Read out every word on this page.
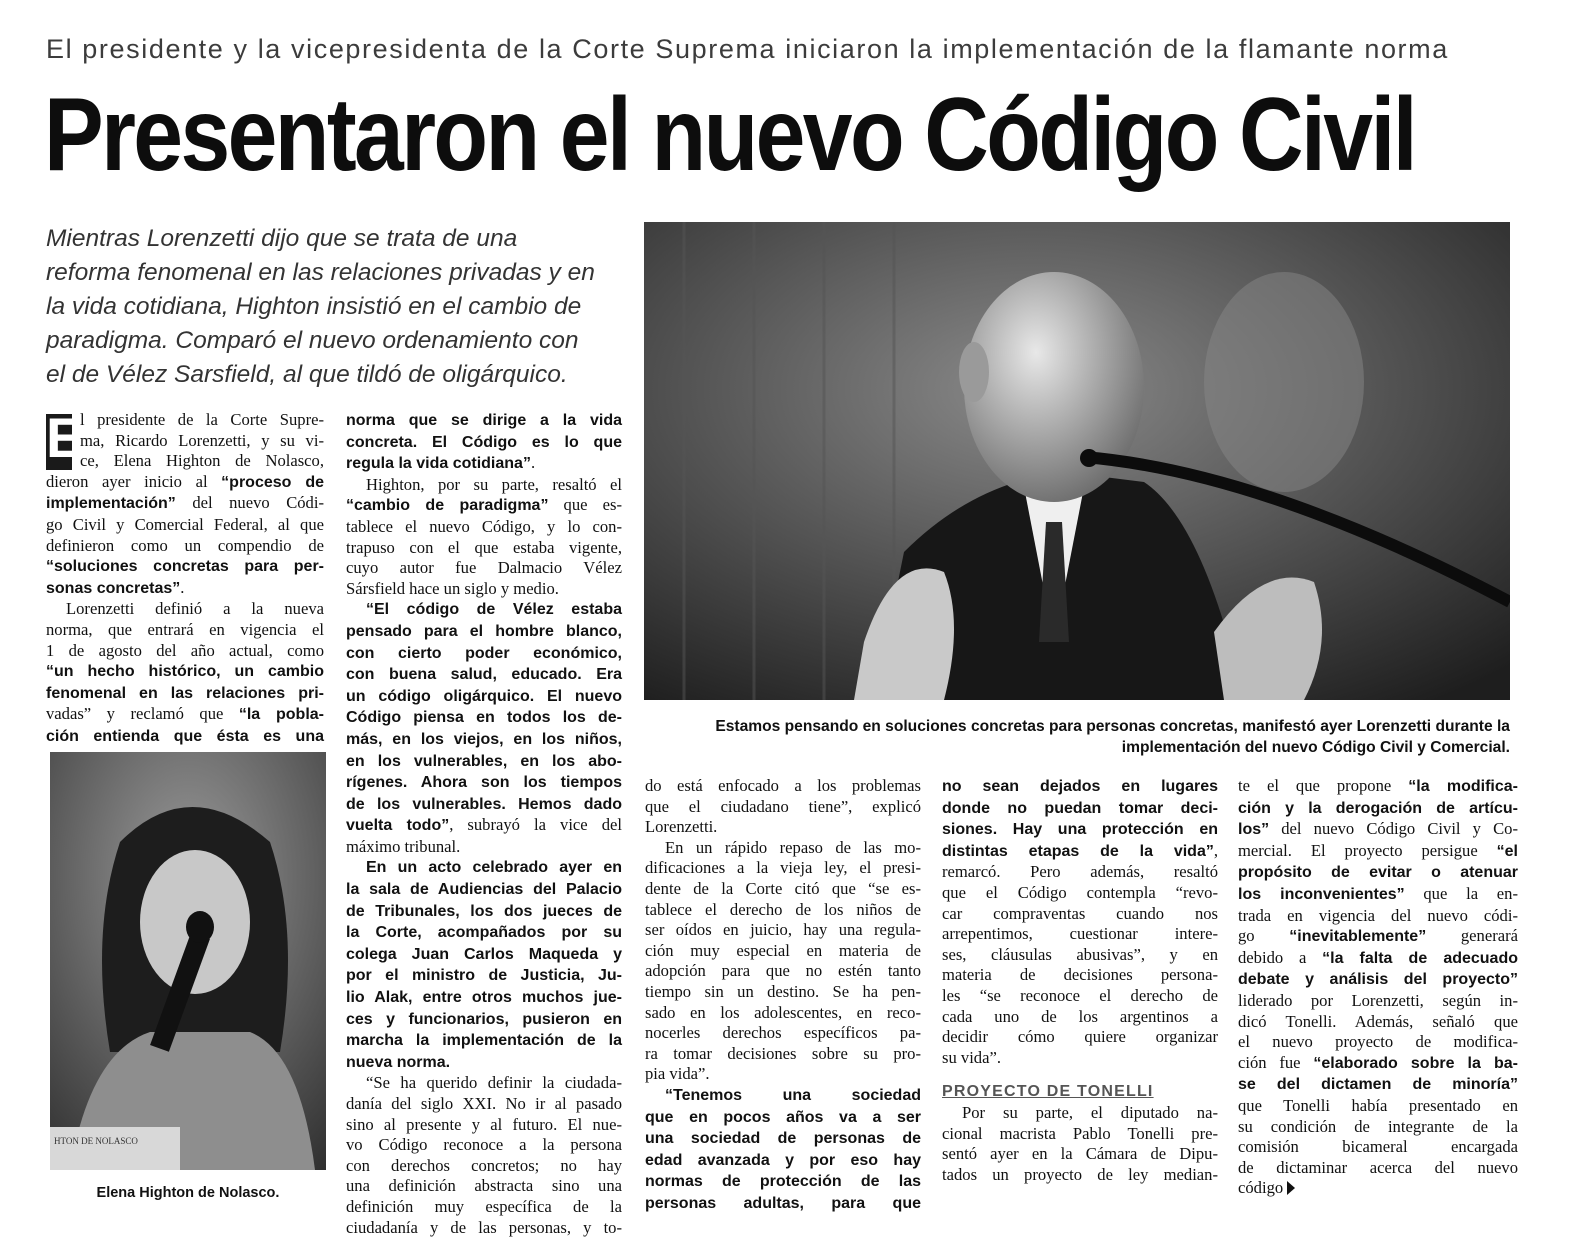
El presidente y la vicepresidenta de la Corte Suprema iniciaron la implementación de la flamante norma
Presentaron el nuevo Código Civil
Mientras Lorenzetti dijo que se trata de una
reforma fenomenal en las relaciones privadas y en
la vida cotidiana, Highton insistió en el cambio de
paradigma. Comparó el nuevo ordenamiento con
el de Vélez Sarsfield, al que tildó de oligárquico.
Estamos pensando en soluciones concretas para personas concretas, manifestó ayer Lorenzetti durante la
implementación del nuevo Código Civil y Comercial.
HTON DE NOLASCO
Elena Highton de Nolasco.
E
l presidente de la Corte Supre-
ma, Ricardo Lorenzetti, y su vi-
ce, Elena Highton de Nolasco,
dieron ayer inicio al “proceso de
implementación” del nuevo Códi-
go Civil y Comercial Federal, al que
definieron como un compendio de
“soluciones concretas para per-
sonas concretas”.
Lorenzetti definió a la nueva
norma, que entrará en vigencia el
1 de agosto del año actual, como
“un hecho histórico, un cambio
fenomenal en las relaciones pri-
vadas” y reclamó que “la pobla-
ción entienda que ésta es una
norma que se dirige a la vida
concreta. El Código es lo que
regula la vida cotidiana”.
Highton, por su parte, resaltó el
“cambio de paradigma” que es-
tablece el nuevo Código, y lo con-
trapuso con el que estaba vigente,
cuyo autor fue Dalmacio Vélez
Sársfield hace un siglo y medio.
“El código de Vélez estaba
pensado para el hombre blanco,
con cierto poder económico,
con buena salud, educado. Era
un código oligárquico. El nuevo
Código piensa en todos los de-
más, en los viejos, en los niños,
en los vulnerables, en los abo-
rígenes. Ahora son los tiempos
de los vulnerables. Hemos dado
vuelta todo”, subrayó la vice del
máximo tribunal.
En un acto celebrado ayer en
la sala de Audiencias del Palacio
de Tribunales, los dos jueces de
la Corte, acompañados por su
colega Juan Carlos Maqueda y
por el ministro de Justicia, Ju-
lio Alak, entre otros muchos jue-
ces y funcionarios, pusieron en
marcha la implementación de la
nueva norma.
“Se ha querido definir la ciudada-
danía del siglo XXI. No ir al pasado
sino al presente y al futuro. El nue-
vo Código reconoce a la persona
con derechos concretos; no hay
una definición abstracta sino una
definición muy específica de la
ciudadanía y de las personas, y to-
do está enfocado a los problemas
que el ciudadano tiene”, explicó
Lorenzetti.
En un rápido repaso de las mo-
dificaciones a la vieja ley, el presi-
dente de la Corte citó que “se es-
tablece el derecho de los niños de
ser oídos en juicio, hay una regula-
ción muy especial en materia de
adopción para que no estén tanto
tiempo sin un destino. Se ha pen-
sado en los adolescentes, en reco-
nocerles derechos específicos pa-
ra tomar decisiones sobre su pro-
pia vida”.
“Tenemos una sociedad
que en pocos años va a ser
una sociedad de personas de
edad avanzada y por eso hay
normas de protección de las
personas adultas, para que
no sean dejados en lugares
donde no puedan tomar deci-
siones. Hay una protección en
distintas etapas de la vida”,
remarcó. Pero además, resaltó
que el Código contempla “revo-
car compraventas cuando nos
arrepentimos, cuestionar intere-
ses, cláusulas abusivas”, y en
materia de decisiones persona-
les “se reconoce el derecho de
cada uno de los argentinos a
decidir cómo quiere organizar
su vida”.
PROYECTO DE TONELLI
Por su parte, el diputado na-
cional macrista Pablo Tonelli pre-
sentó ayer en la Cámara de Dipu-
tados un proyecto de ley median-
te el que propone “la modifica-
ción y la derogación de artícu-
los” del nuevo Código Civil y Co-
mercial. El proyecto persigue “el
propósito de evitar o atenuar
los inconvenientes” que la en-
trada en vigencia del nuevo códi-
go “inevitablemente” generará
debido a “la falta de adecuado
debate y análisis del proyecto”
liderado por Lorenzetti, según in-
dicó Tonelli. Además, señaló que
el nuevo proyecto de modifica-
ción fue “elaborado sobre la ba-
se del dictamen de minoría”
que Tonelli había presentado en
su condición de integrante de la
comisión bicameral encargada
de dictaminar acerca del nuevo
código
